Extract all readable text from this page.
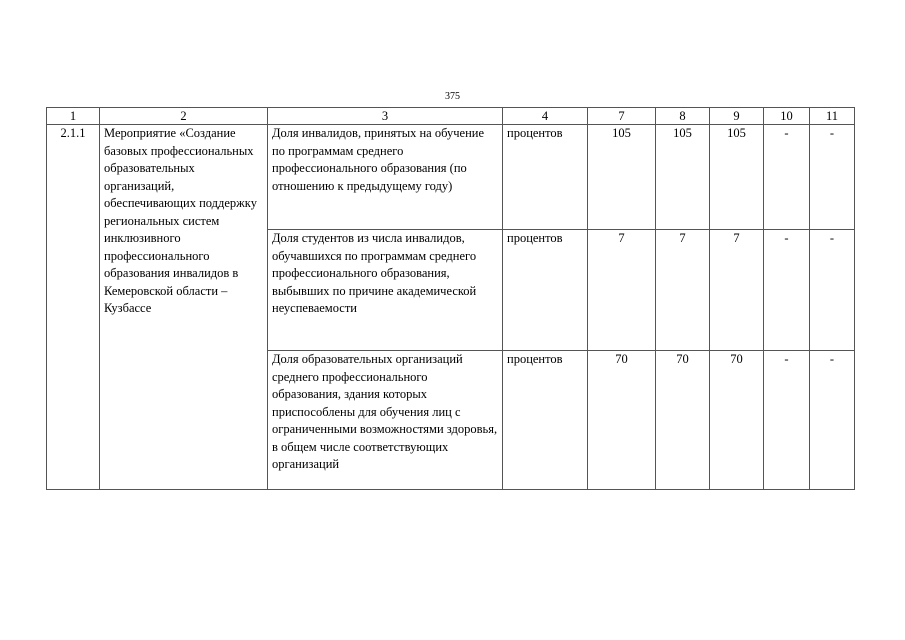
375
1	2	3	4	7	8	9	10	11
2.1.1	Мероприятие «Создание базовых профессиональных образовательных организаций, обеспечивающих поддержку региональных систем инклюзивного профессионального образования инвалидов в Кемеровской области – Кузбассе	Доля инвалидов, принятых на обучение по программам среднего профессионального образования (по отношению к предыдущему году)	процентов	105	105	105	-	-
		Доля студентов из числа инвалидов, обучавшихся по программам среднего профессионального образования, выбывших по причине академической неуспеваемости	процентов	7	7	7	-	-
		Доля образовательных организаций среднего профессионального образования, здания которых приспособлены для обучения лиц с ограниченными возможностями здоровья, в общем числе соответствующих организаций	процентов	70	70	70	-	-
